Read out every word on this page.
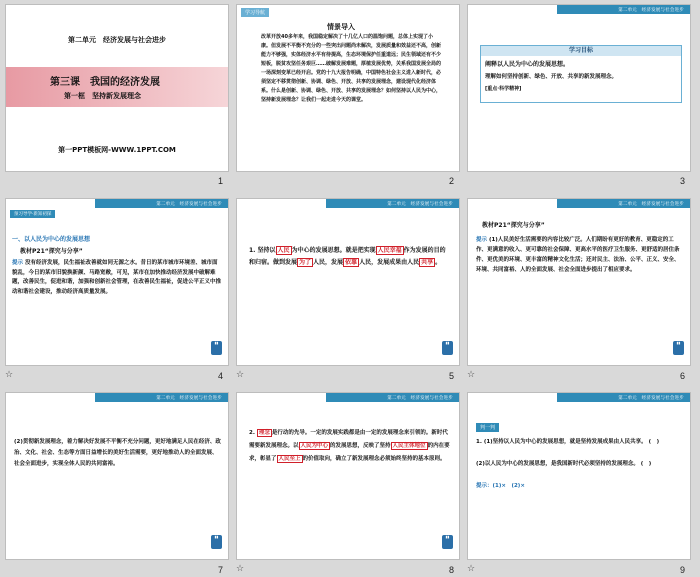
第二单元　经济发展与社会进步
第三课　我国的经济发展
第一框　坚持新发展理念
第一PPT模板网-WWW.1PPT.COM
1
学习导航
情景导入
改革开放40多年来，我国稳定解决了十几亿人口的温饱问题，总体上实现了小康。但发展不平衡不充分的一些突出问题尚未解决，发展质量和效益还不高，创新能力不够强，实体经济水平有待提高，生态环境保护任重道远；民生领域还有不少短板，脱贫攻坚任务艰巨……破解发展难题，厚植发展优势，关系我国发展全局的一场深刻变革已经开启。党的十九大报告明确，中国特色社会主义进入新时代，必须坚定不移贯彻创新、协调、绿色、开放、共享的发展理念，建设现代化经济体系。什么是创新、协调、绿色、开放、共享的发展理念？如何坚持以人民为中心，坚持新发展理念？让我们一起走进今天的课堂。
2
第二单元　经济发展与社会进步
学习目标
阐释以人民为中心的发展思想。
理解如何坚持创新、绿色、开放、共享的新发展理念。
[重点·科学精神]
3
第二单元　经济发展与社会进步
预习导学·新知初探
一、以人民为中心的发展思想
教材P21“探究与分享”
提示 没有经济发展，民生福祉改善就如同无源之水。昔日的某市城市环境差、城市面貌乱，今日的某市旧貌换新颜、马路宽敞，可见，某市在加快推动经济发展中破解难题，改善民生，促进和谐，加强和创新社会管理，在改善民生福祉，促进公平正义中推动和谐社会建设，推动经济高质量发展。
▮▮
4
☆
第二单元　经济发展与社会进步
1. 坚持以 人民 为中心的发展思想。就是把实现 人民幸福 作为发展的目的和归宿。做到发展 为了 人民，发展 依靠 人民，发展成果由人民 共享 。
▮▮
5
☆
第二单元　经济发展与社会进步
教材P21“探究与分享”
提示 (1)人民美好生活需要的内容比较广泛。人们期盼有更好的教育、更稳定的工作、更满意的收入、更可靠的社会保障、更高水平的医疗卫生服务、更舒适的居住条件、更优美的环境、更丰富的精神文化生活；还对民主、法治、公平、正义、安全、环境、共同富裕、人的全面发展、社会全面进步提出了相应要求。
▮▮
6
☆
第二单元　经济发展与社会进步
(2)贯彻新发展理念，着力解决好发展不平衡不充分问题，更好地满足人民在经济、政治、文化、社会、生态等方面日益增长的美好生活需要，更好地推动人的全面发展、社会全面进步，实现全体人民的共同富裕。
▮▮
7
第二单元　经济发展与社会进步
2. 理念 是行动的先导。一定的发展实践都是由一定的发展理念来引领的。新时代需要新发展理念。以 人民为中心 的发展思想，反映了坚持 人民主体地位 的内在要求，彰显了 人民至上 的价值取向，确立了新发展理念必须始终坚持的基本原则。
▮▮
8
☆
第二单元　经济发展与社会进步
判一判
1. (1)坚持以人民为中心的发展思想，就是坚持发展成果由人民共享。 (　)
(2)以人民为中心的发展思想，是我国新时代必须坚持的发展理念。 (　)
提示：(1)×　(2)×
9
☆
